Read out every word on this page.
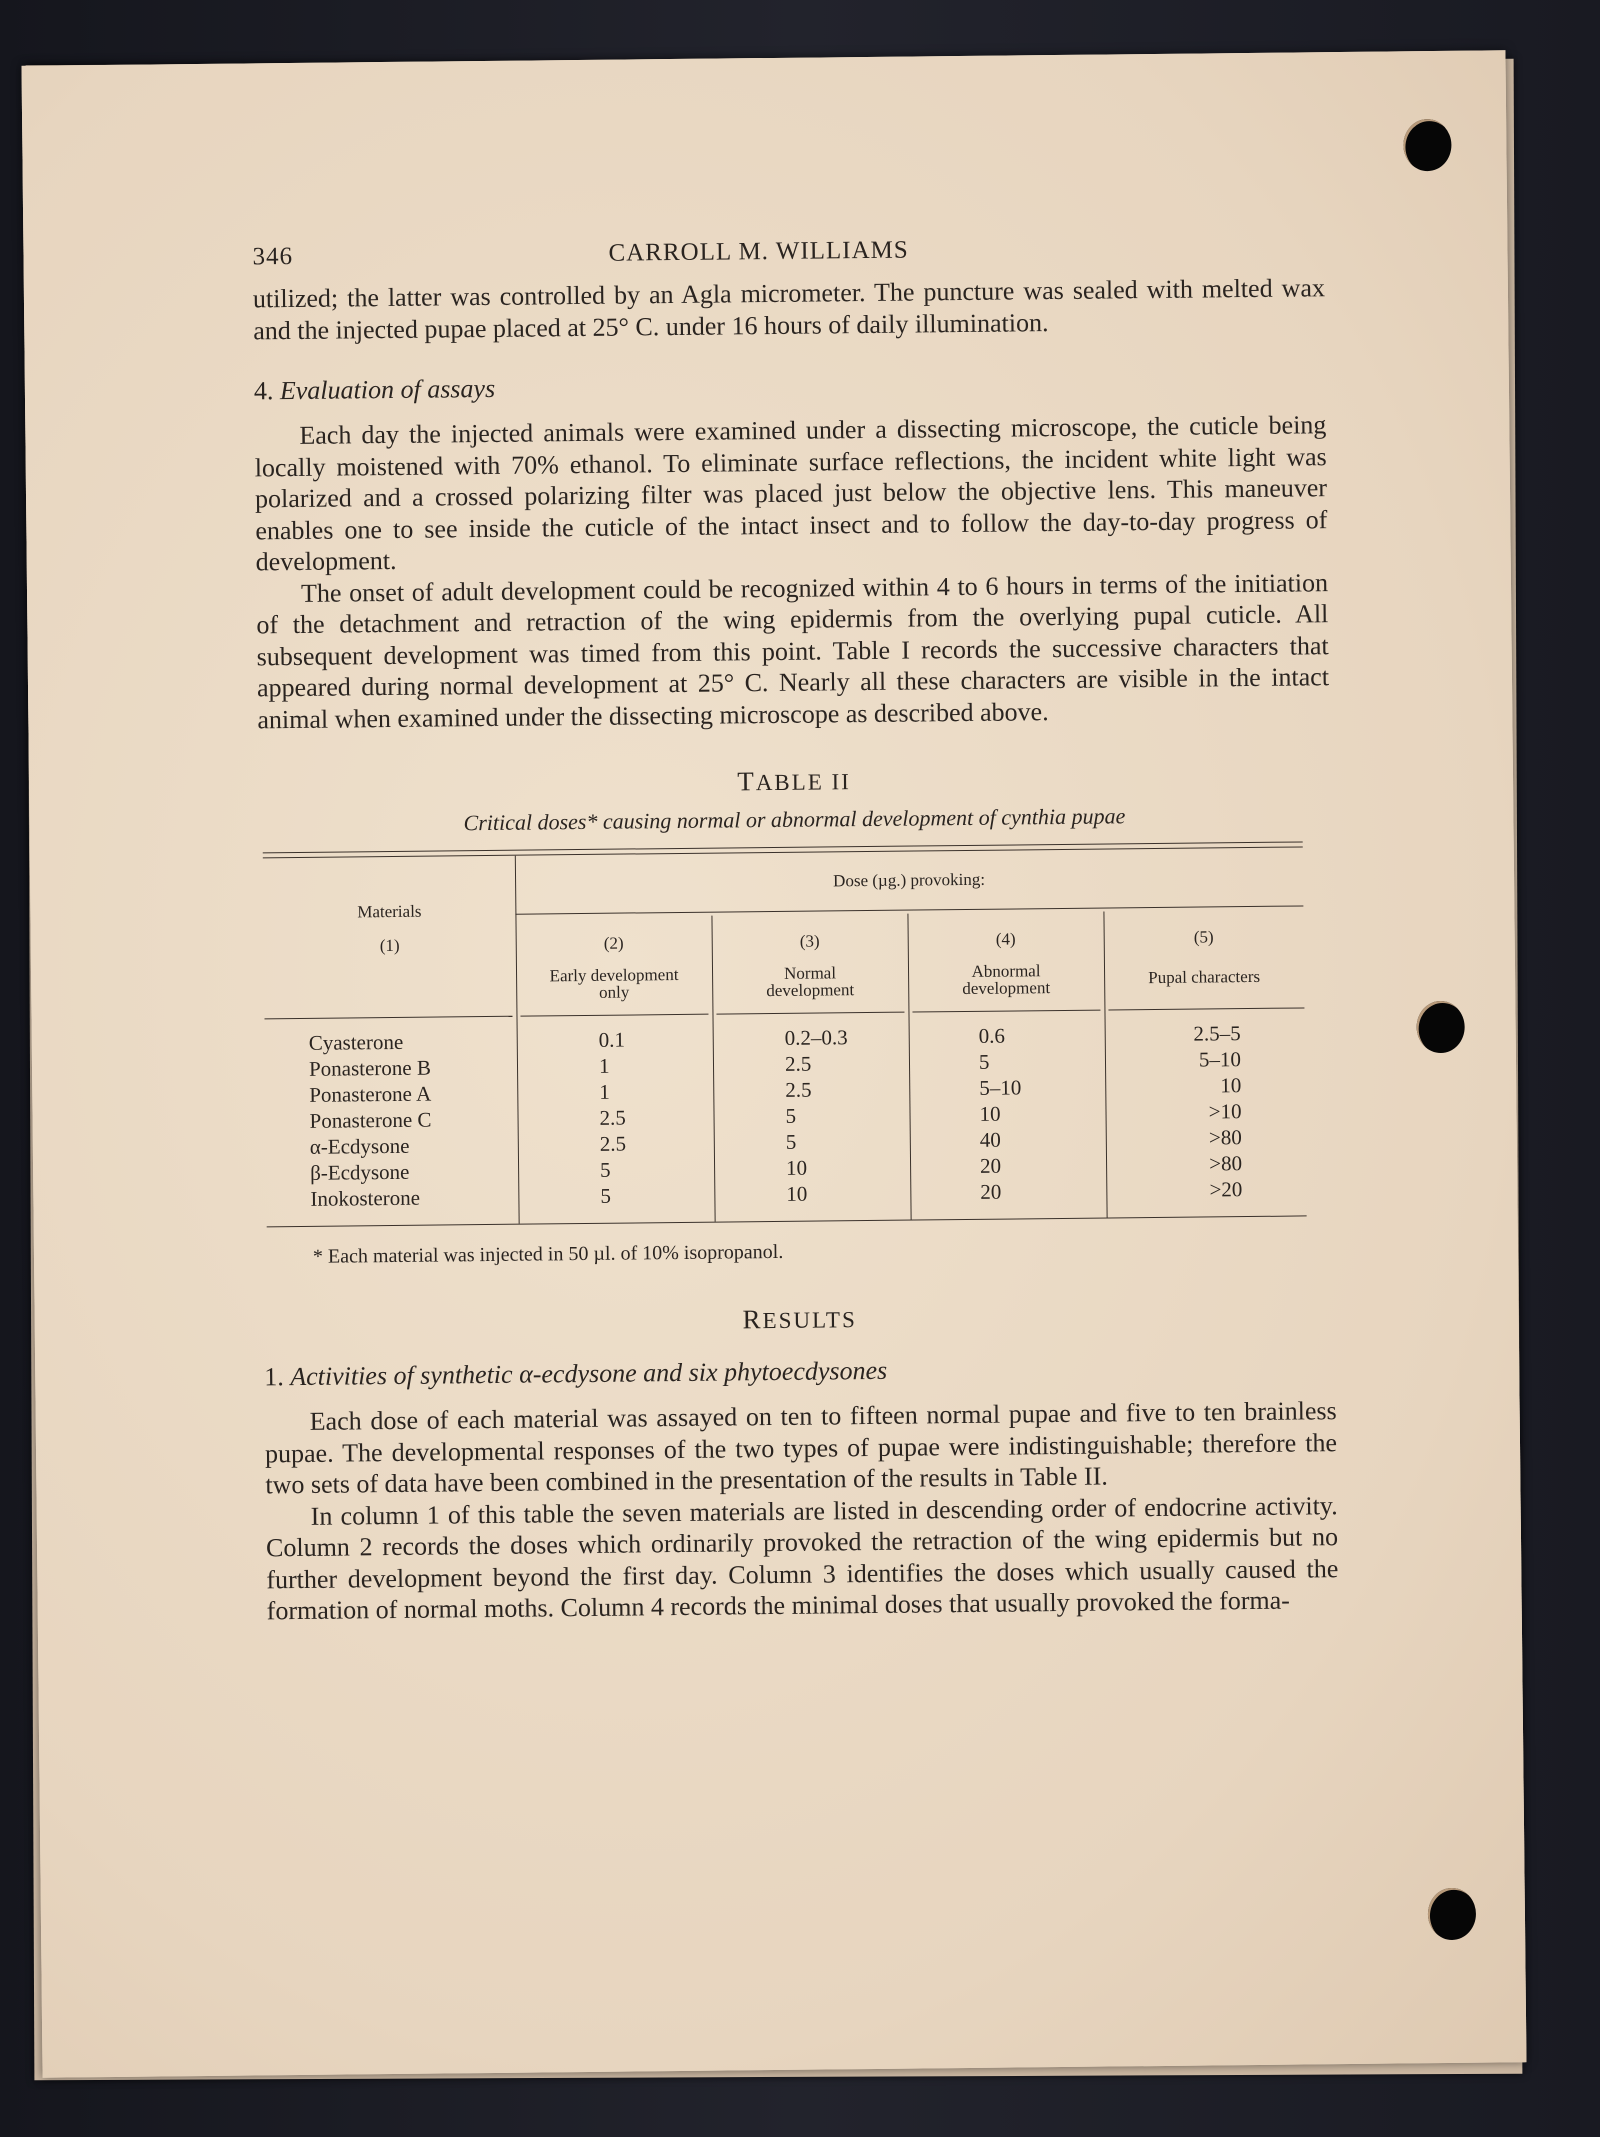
346	CARROLL M. WILLIAMS

utilized; the latter was controlled by an Agla micrometer. The puncture was sealed with melted wax and the injected pupae placed at 25° C. under 16 hours of daily illumination.

4. Evaluation of assays

Each day the injected animals were examined under a dissecting microscope, the cuticle being locally moistened with 70% ethanol. To eliminate surface reflections, the incident white light was polarized and a crossed polarizing filter was placed just below the objective lens. This maneuver enables one to see inside the cuticle of the intact insect and to follow the day-to-day progress of development.

The onset of adult development could be recognized within 4 to 6 hours in terms of the initiation of the detachment and retraction of the wing epidermis from the overlying pupal cuticle. All subsequent development was timed from this point. Table I records the successive characters that appeared during normal development at 25° C. Nearly all these characters are visible in the intact animal when examined under the dissecting microscope as described above.

TABLE II
Critical doses* causing normal or abnormal development of cynthia pupae
Dose (µg.) provoking:
Materials
(1)	(2)
Early development
only
(3)
Normal
development
(4)
Abnormal
development
(5)
Pupal characters
Cyasterone
Ponasterone B
Ponasterone A
Ponasterone C
α-Ecdysone
β-Ecdysone
Inokosterone
0.1
1
1
2.5
2.5
5
5
0.2–0.3
2.5
2.5
5
5
10
10
0.6
5
5–10
10
40
20
20
2.5–5
5–10
10
>10
>80
>80
>20
* Each material was injected in 50 µl. of 10% isopropanol.
RESULTS
1. Activities of synthetic α-ecdysone and six phytoecdysones

Each dose of each material was assayed on ten to fifteen normal pupae and five to ten brainless pupae. The developmental responses of the two types of pupae were indistinguishable; therefore the two sets of data have been combined in the presentation of the results in Table II.

In column 1 of this table the seven materials are listed in descending order of endocrine activity. Column 2 records the doses which ordinarily provoked the retraction of the wing epidermis but no further development beyond the first day. Column 3 identifies the doses which usually caused the formation of normal moths. Column 4 records the minimal doses that usually provoked the forma-
